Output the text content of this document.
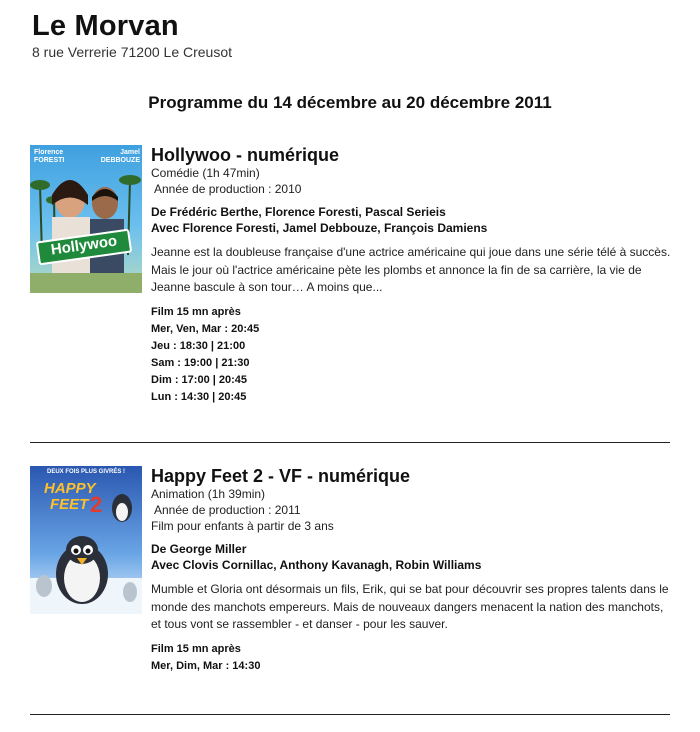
Le Morvan
8 rue Verrerie 71200 Le Creusot
Programme du 14 décembre au 20 décembre 2011
Florence FORESTI
Jamel DEBBOUZE
Hollywoo
Hollywoo - numérique
Comédie (1h 47min)
Année de production : 2010
De Frédéric Berthe, Florence Foresti, Pascal Serieis
Avec Florence Foresti, Jamel Debbouze, François Damiens
Jeanne est la doubleuse française d'une actrice américaine qui joue dans une série télé à succès. Mais le jour où l'actrice américaine pète les plombs et annonce la fin de sa carrière, la vie de Jeanne bascule à son tour… A moins que...
Film 15 mn après
Mer, Ven, Mar : 20:45
Jeu : 18:30 | 21:00
Sam : 19:00 | 21:30
Dim : 17:00 | 20:45
Lun : 14:30 | 20:45
DEUX FOIS PLUS GIVRÉS !
HAPPY
FEET 2
Happy Feet 2 - VF - numérique
Animation (1h 39min)
Année de production : 2011
Film pour enfants à partir de 3 ans
De George Miller
Avec Clovis Cornillac, Anthony Kavanagh, Robin Williams
Mumble et Gloria ont désormais un fils, Erik, qui se bat pour découvrir ses propres talents dans le monde des manchots empereurs. Mais de nouveaux dangers menacent la nation des manchots, et tous vont se rassembler - et danser - pour les sauver.
Film 15 mn après
Mer, Dim, Mar : 14:30
